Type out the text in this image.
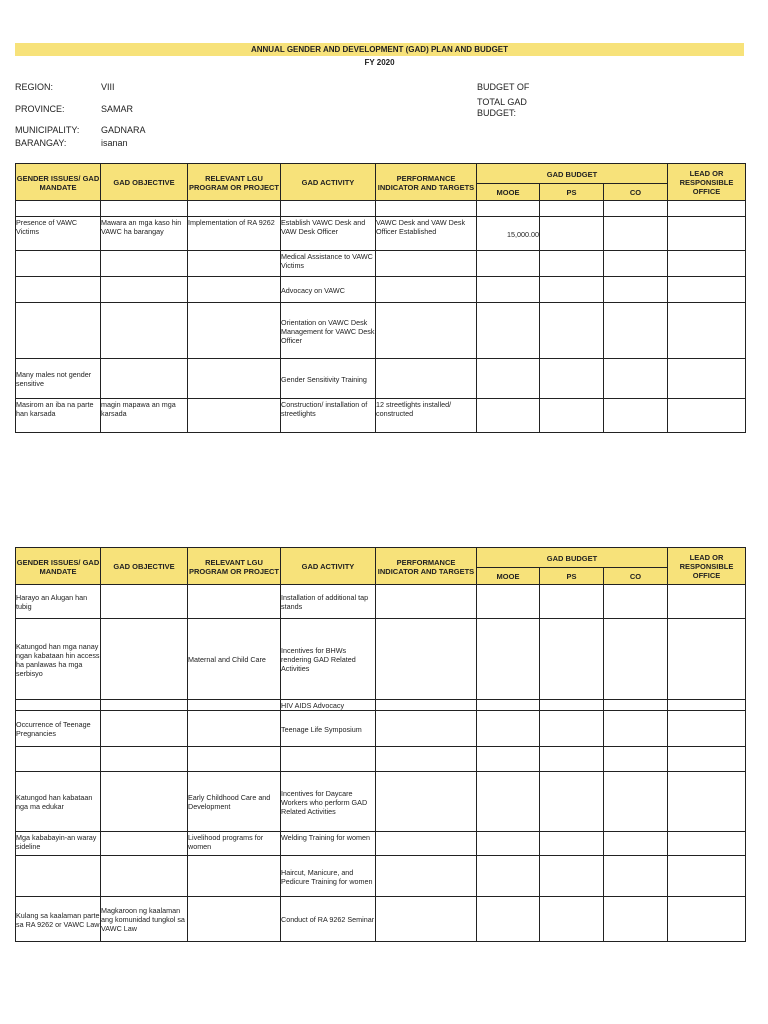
ANNUAL GENDER AND DEVELOPMENT (GAD) PLAN AND BUDGET
FY 2020
REGION:	VIII
PROVINCE:	SAMAR
MUNICIPALITY: GADNARA
BARANGAY:	isanan
BUDGET OF
TOTAL GAD
BUDGET:
GENDER ISSUES/ GAD MANDATE	GAD OBJECTIVE	RELEVANT LGU PROGRAM OR PROJECT	GAD ACTIVITY	PERFORMANCE INDICATOR AND TARGETS	GAD BUDGET			LEAD OR RESPONSIBLE OFFICE
					MOOE	PS	CO	

Presence of VAWC Victims	Mawara an mga kaso hin VAWC ha barangay	Implementation of RA 9262	Establish VAWC Desk and VAW Desk Officer	VAWC Desk and VAW Desk Officer Established	15,000.00			
			Medical Assistance to VAWC Victims					
			Advocacy on VAWC					
			Orientation on VAWC Desk Management for VAWC Desk Officer					
Many males not gender sensitive			Gender Sensitivity Training					
Masirom an iba na parte han karsada	magin mapawa an mga karsada		Construction/ installation of streetlights	12 streetlights installed/ constructed				
GENDER ISSUES/ GAD MANDATE	GAD OBJECTIVE	RELEVANT LGU PROGRAM OR PROJECT	GAD ACTIVITY	PERFORMANCE INDICATOR AND TARGETS	GAD BUDGET			LEAD OR RESPONSIBLE OFFICE
					MOOE	PS	CO	
Harayo an Alugan han tubig			Installation of additional tap stands					
Katungod han mga nanay ngan kabataan hin access ha panlawas ha mga serbisyo		Maternal and Child Care	Incentives for BHWs rendering GAD Related Activities					
			HIV AIDS Advocacy					
Occurrence of Teenage Pregnancies			Teenage Life Symposium					

Katungod han kabataan nga ma edukar		Early Childhood Care and Development	Incentives for Daycare Workers who perform GAD Related Activities					
Mga kababayin-an waray sideline		Livelihood programs for women	Welding Training for women					
			Haircut, Manicure, and Pedicure Training for women					
Kulang sa kaalaman parte sa RA 9262 or VAWC Law	Magkaroon ng kaalaman ang komunidad tungkol sa VAWC Law		Conduct of RA 9262 Seminar					
